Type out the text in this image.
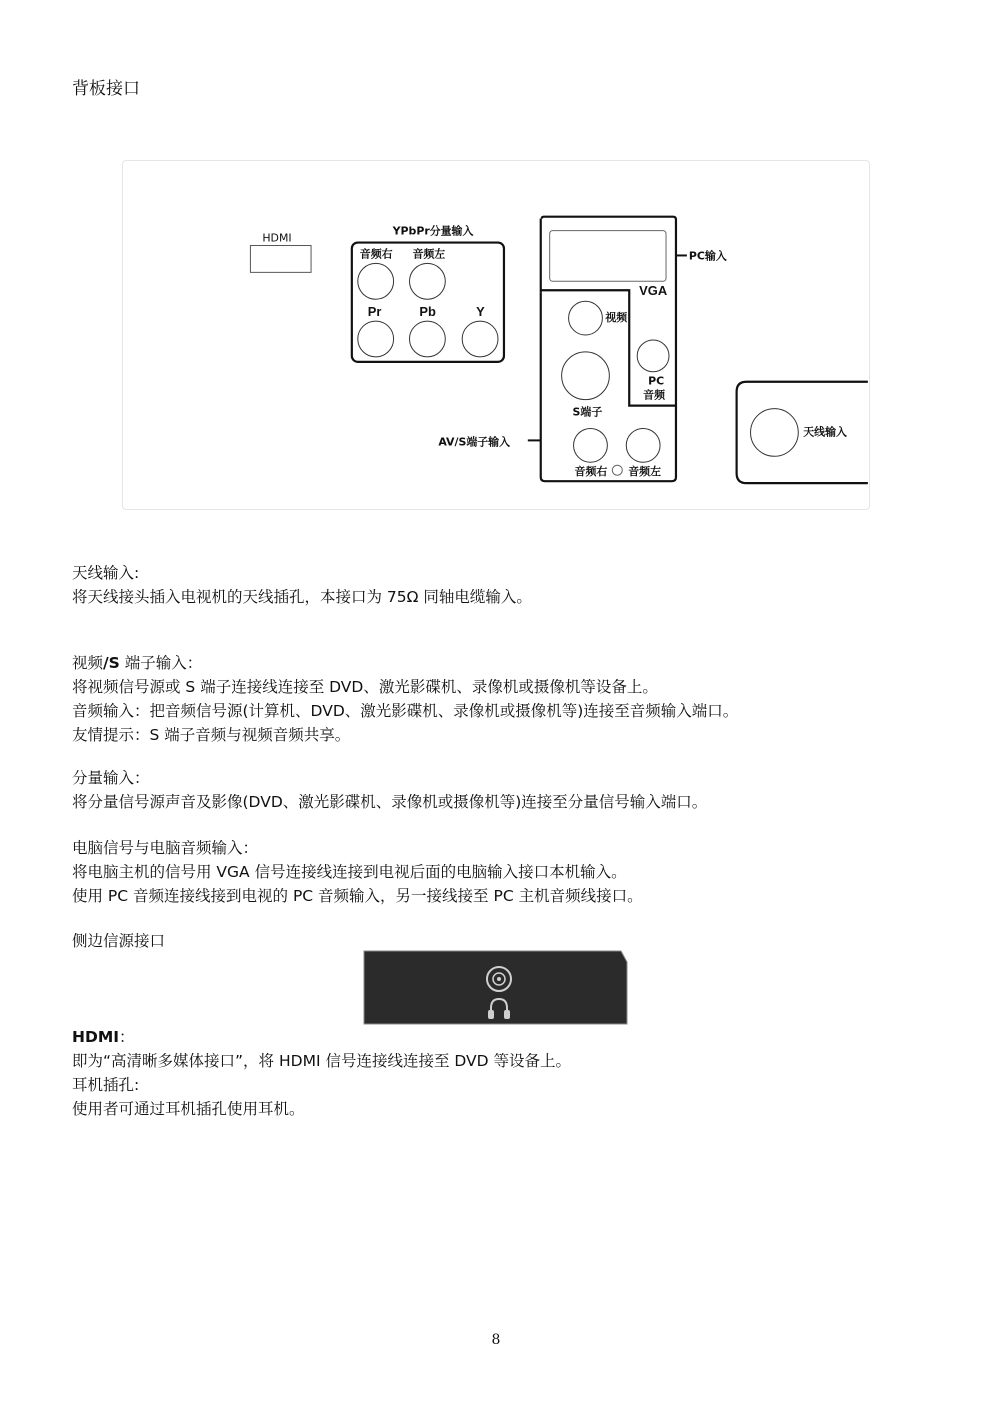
背板接口
HDMI
YPbPr分量输入
音频右 音频左
Pr	Pb	Y
PC输入
VGA
视频
PC
音频
S端子
音频右 音频左
AV/S端子输入
天线输入
天线输入:
将天线接头插入电视机的天线插孔，本接口为 75Ω 同轴电缆输入。
视频/S 端子输入：
将视频信号源或 S 端子连接线连接至 DVD、激光影碟机、录像机或摄像机等设备上。
音频输入：把音频信号源(计算机、DVD、激光影碟机、录像机或摄像机等)连接至音频输入端口。
友情提示：S 端子音频与视频音频共享。
分量输入：
将分量信号源声音及影像(DVD、激光影碟机、录像机或摄像机等)连接至分量信号输入端口。
电脑信号与电脑音频输入：
将电脑主机的信号用 VGA 信号连接线连接到电视后面的电脑输入接口本机输入。
使用 PC 音频连接线接到电视的 PC 音频输入，另一接线接至 PC 主机音频线接口。
侧边信源接口
HDMI：
即为“高清晰多媒体接口”，将 HDMI 信号连接线连接至 DVD 等设备上。
耳机插孔:
使用者可通过耳机插孔使用耳机。
8
